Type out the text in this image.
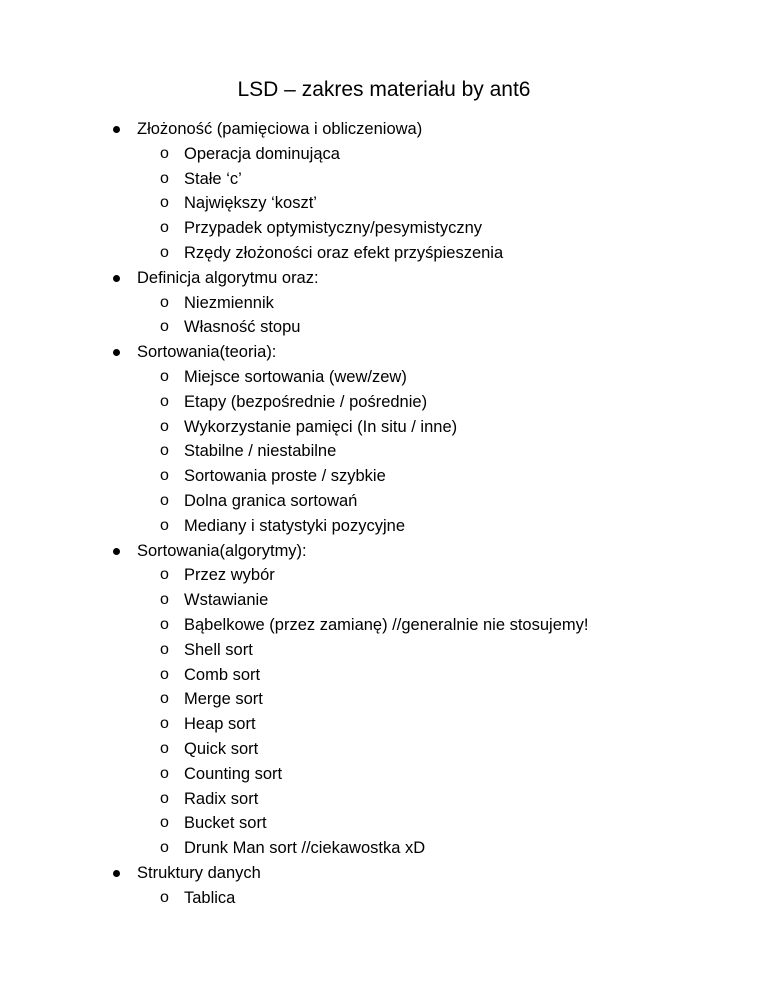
LSD – zakres materiału by ant6
Złożoność (pamięciowa i obliczeniowa)
o Operacja dominująca
o Stałe ‘c’
o Największy ‘koszt’
o Przypadek optymistyczny/pesymistyczny
o Rzędy złożoności oraz efekt przyśpieszenia
Definicja algorytmu oraz:
o Niezmiennik
o Własność stopu
Sortowania(teoria):
o Miejsce sortowania (wew/zew)
o Etapy (bezpośrednie / pośrednie)
o Wykorzystanie pamięci (In situ / inne)
o Stabilne / niestabilne
o Sortowania proste / szybkie
o Dolna granica sortowań
o Mediany i statystyki pozycyjne
Sortowania(algorytmy):
o Przez wybór
o Wstawianie
o Bąbelkowe (przez zamianę) //generalnie nie stosujemy!
o Shell sort
o Comb sort
o Merge sort
o Heap sort
o Quick sort
o Counting sort
o Radix sort
o Bucket sort
o Drunk Man sort //ciekawostka xD
Struktury danych
o Tablica
